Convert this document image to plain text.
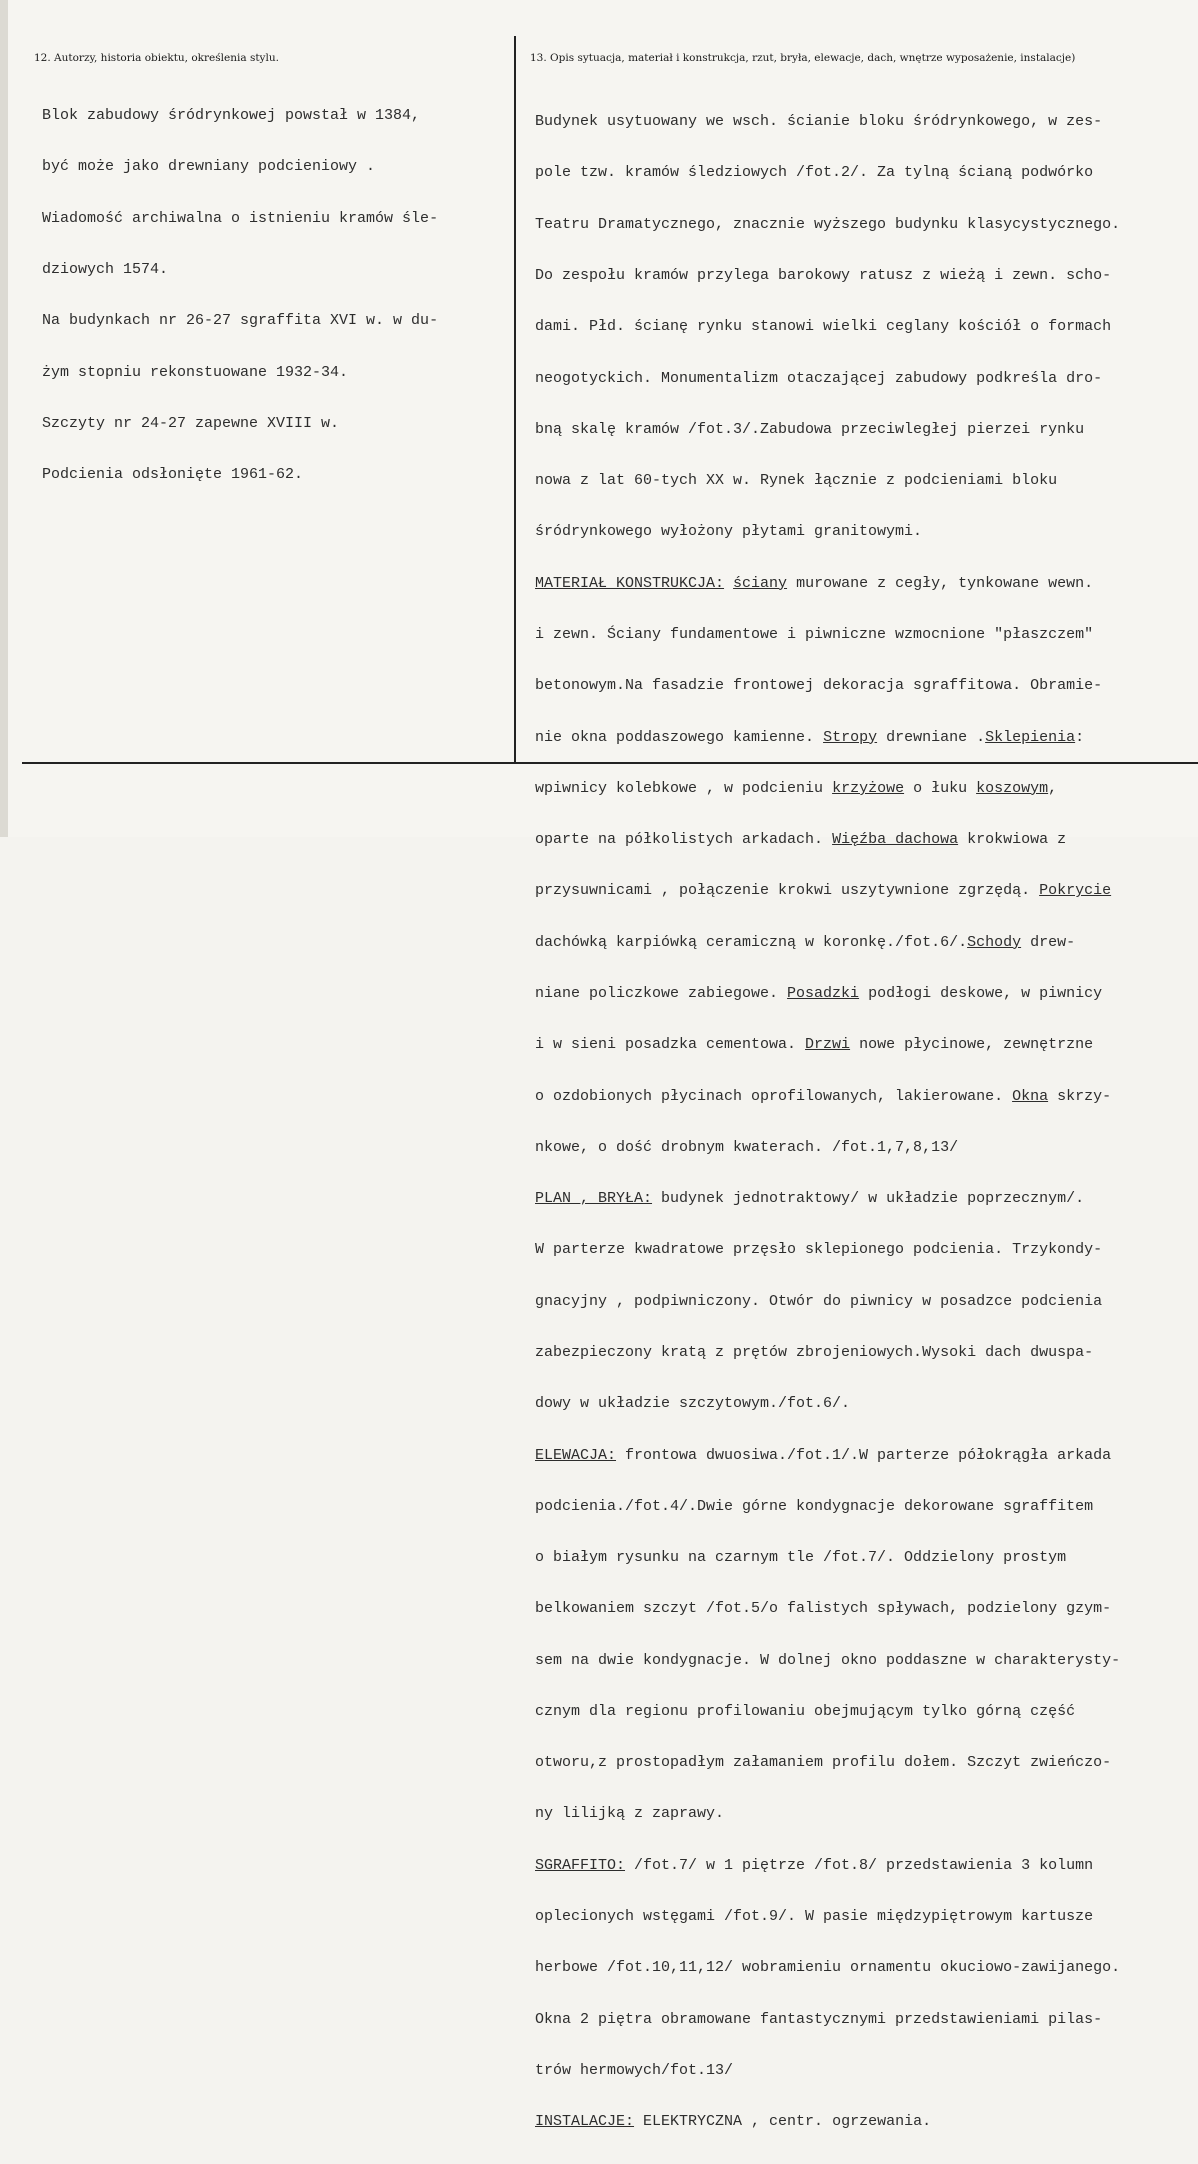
12. Autorzy, historia obiektu, określenia stylu.	13. Opis sytuacja, materiał i konstrukcja, rzut, bryła, elewacje, dach, wnętrze wyposażenie, instalacje)

Blok zabudowy śródrynkowej powstał w 1384,

być może jako drewniany podcieniowy .

Wiadomość archiwalna o istnieniu kramów śle-

dziowych 1574.

Na budynkach nr 26-27 sgraffita XVI w. w du-

żym stopniu rekonstuowane 1932-34.

Szczyty nr 24-27 zapewne XVIII w.

Podcienia odsłonięte 1961-62.

Budynek usytuowany we wsch. ścianie bloku śródrynkowego, w zes-

pole tzw. kramów śledziowych /fot.2/. Za tylną ścianą podwórko

Teatru Dramatycznego, znacznie wyższego budynku klasycystycznego.

Do zespołu kramów przylega barokowy ratusz z wieżą i zewn. scho-

dami. Płd. ścianę rynku stanowi wielki ceglany kościół o formach

neogotyckich. Monumentalizm otaczającej zabudowy podkreśla dro-

bną skalę kramów /fot.3/.Zabudowa przeciwległej pierzei rynku

nowa z lat 60-tych XX w. Rynek łącznie z podcieniami bloku

śródrynkowego wyłożony płytami granitowymi.

MATERIAŁ KONSTRUKCJA: ściany murowane z cegły, tynkowane wewn.

i zewn. Ściany fundamentowe i piwniczne wzmocnione "płaszczem"

betonowym.Na fasadzie frontowej dekoracja sgraffitowa. Obramie-

nie okna poddaszowego kamienne. Stropy drewniane .Sklepienia:

wpiwnicy kolebkowe , w podcieniu krzyżowe o łuku koszowym,

oparte na półkolistych arkadach. Więźba dachowa krokwiowa z

przysuwnicami , połączenie krokwi uszytywnione zgrzędą. Pokrycie

dachówką karpiówką ceramiczną w koronkę./fot.6/.Schody drew-

niane policzkowe zabiegowe. Posadzki podłogi deskowe, w piwnicy

i w sieni posadzka cementowa. Drzwi nowe płycinowe, zewnętrzne

o ozdobionych płycinach oprofilowanych, lakierowane. Okna skrzy-

nkowe, o dość drobnym kwaterach. /fot.1,7,8,13/

PLAN , BRYŁA: budynek jednotraktowy/ w układzie poprzecznym/.

W parterze kwadratowe przęsło sklepionego podcienia. Trzykondy-

gnacyjny , podpiwniczony. Otwór do piwnicy w posadzce podcienia

zabezpieczony kratą z prętów zbrojeniowych.Wysoki dach dwuspa-

dowy w układzie szczytowym./fot.6/.

ELEWACJA: frontowa dwuosiwa./fot.1/.W parterze półokrągła arkada

podcienia./fot.4/.Dwie górne kondygnacje dekorowane sgraffitem

o białym rysunku na czarnym tle /fot.7/. Oddzielony prostym

belkowaniem szczyt /fot.5/o falistych spływach, podzielony gzym-

sem na dwie kondygnacje. W dolnej okno poddaszne w charakterysty-

cznym dla regionu profilowaniu obejmującym tylko górną część

otworu,z prostopadłym załamaniem profilu dołem. Szczyt zwieńczo-

ny lilijką z zaprawy.

SGRAFFITO: /fot.7/ w 1 piętrze /fot.8/ przedstawienia 3 kolumn

oplecionych wstęgami /fot.9/. W pasie międzypiętrowym kartusze

herbowe /fot.10,11,12/ wobramieniu ornamentu okuciowo-zawijanego.

Okna 2 piętra obramowane fantastycznymi przedstawieniami pilas-

trów hermowych/fot.13/

INSTALACJE: ELEKTRYCZNA , centr. ogrzewania.
